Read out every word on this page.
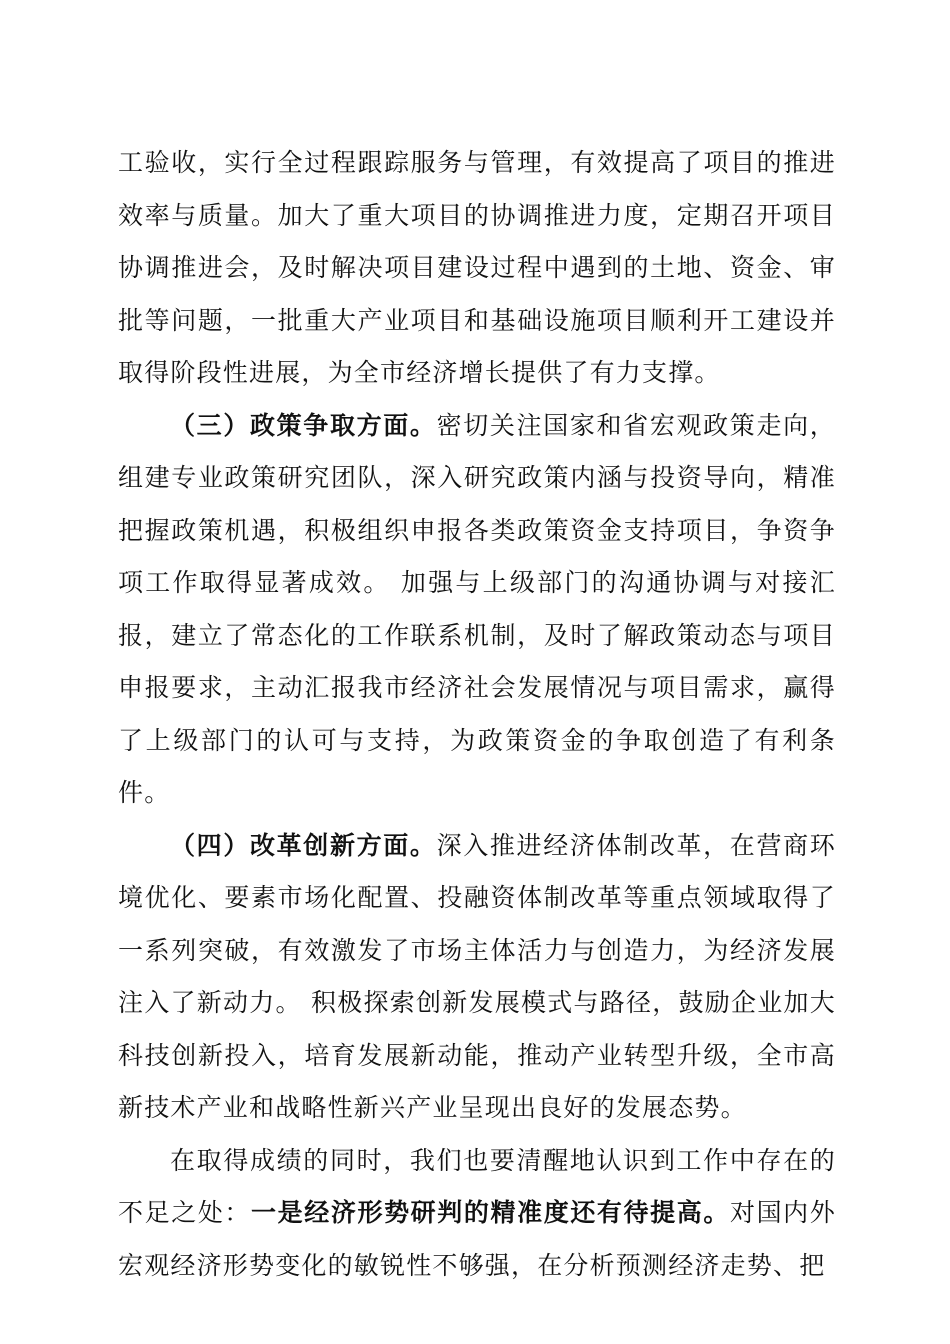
工验收，实行全过程跟踪服务与管理，有效提高了项目的推进效率与质量。加大了重大项目的协调推进力度，定期召开项目协调推进会，及时解决项目建设过程中遇到的土地、资金、审批等问题，一批重大产业项目和基础设施项目顺利开工建设并取得阶段性进展，为全市经济增长提供了有力支撑。

（三）政策争取方面。密切关注国家和省宏观政策走向，组建专业政策研究团队，深入研究政策内涵与投资导向，精准把握政策机遇，积极组织申报各类政策资金支持项目，争资争项工作取得显著成效。 加强与上级部门的沟通协调与对接汇报，建立了常态化的工作联系机制，及时了解政策动态与项目申报要求，主动汇报我市经济社会发展情况与项目需求，赢得了上级部门的认可与支持，为政策资金的争取创造了有利条件。

（四）改革创新方面。深入推进经济体制改革，在营商环境优化、要素市场化配置、投融资体制改革等重点领域取得了一系列突破，有效激发了市场主体活力与创造力，为经济发展注入了新动力。 积极探索创新发展模式与路径，鼓励企业加大科技创新投入，培育发展新动能，推动产业转型升级，全市高新技术产业和战略性新兴产业呈现出良好的发展态势。

在取得成绩的同时，我们也要清醒地认识到工作中存在的不足之处：一是经济形势研判的精准度还有待提高。对国内外宏观经济形势变化的敏锐性不够强，在分析预测经济走势、把
